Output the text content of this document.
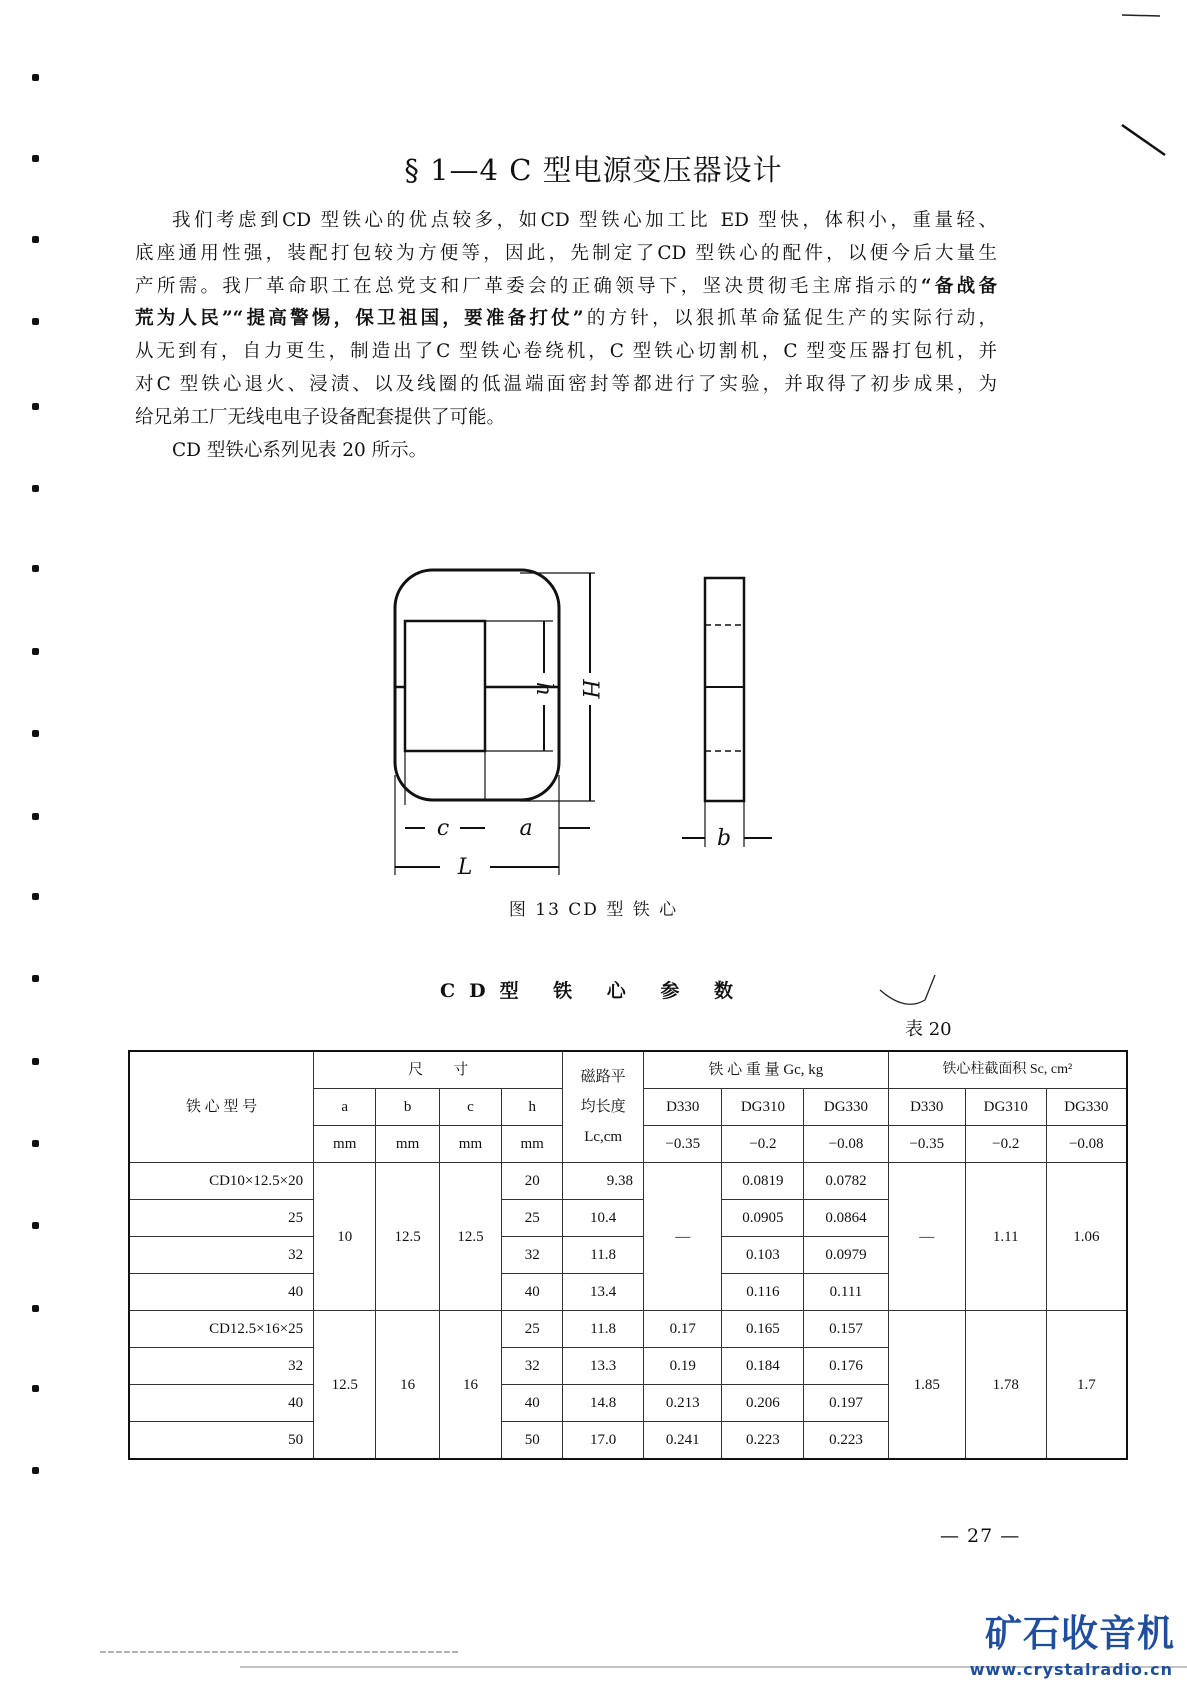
§ 1—4 C 型电源变压器设计
我们考虑到CD 型铁心的优点较多，如CD 型铁心加工比 ED 型快，体积小，重量轻、
底座通用性强，装配打包较为方便等，因此，先制定了CD 型铁心的配件，以便今后大量生
产所需。我厂革命职工在总党支和厂革委会的正确领导下，坚决贯彻毛主席指示的“备战备
荒为人民”“提高警惕，保卫祖国，要准备打仗”的方针，以狠抓革命猛促生产的实际行动，
从无到有，自力更生，制造出了C 型铁心卷绕机，C 型铁心切割机，C 型变压器打包机，并
对C 型铁心退火、浸渍、以及线圈的低温端面密封等都进行了实验，并取得了初步成果，为
给兄弟工厂无线电电子设备配套提供了可能。
CD 型铁心系列见表 20 所示。
h H
c	a
L
b
图 13 CD 型 铁 心
CD型 铁 心 参 数
表 20
铁 心 型 号	尺        寸				磁路平
均长度
Lc,cm	铁 心 重 量 Gc, kg			铁心柱截面积 Sc, cm²		
	a	b	c	h		D330	DG310	DG330	D330	DG310	DG330
	mm	mm	mm	mm		−0.35	−0.2	−0.08	−0.35	−0.2	−0.08
CD10×12.5×20	10	12.5	12.5	20	9.38	—	0.0819	0.0782	—	1.11	1.06
25				25	10.4		0.0905	0.0864			
32				32	11.8		0.103	0.0979			
40				40	13.4		0.116	0.111			
CD12.5×16×25	12.5	16	16	25	11.8	0.17	0.165	0.157	1.85	1.78	1.7
32				32	13.3	0.19	0.184	0.176			
40				40	14.8	0.213	0.206	0.197			
50				50	17.0	0.241	0.223	0.223			
— 27 —
矿石收音机
www.crystalradio.cn
